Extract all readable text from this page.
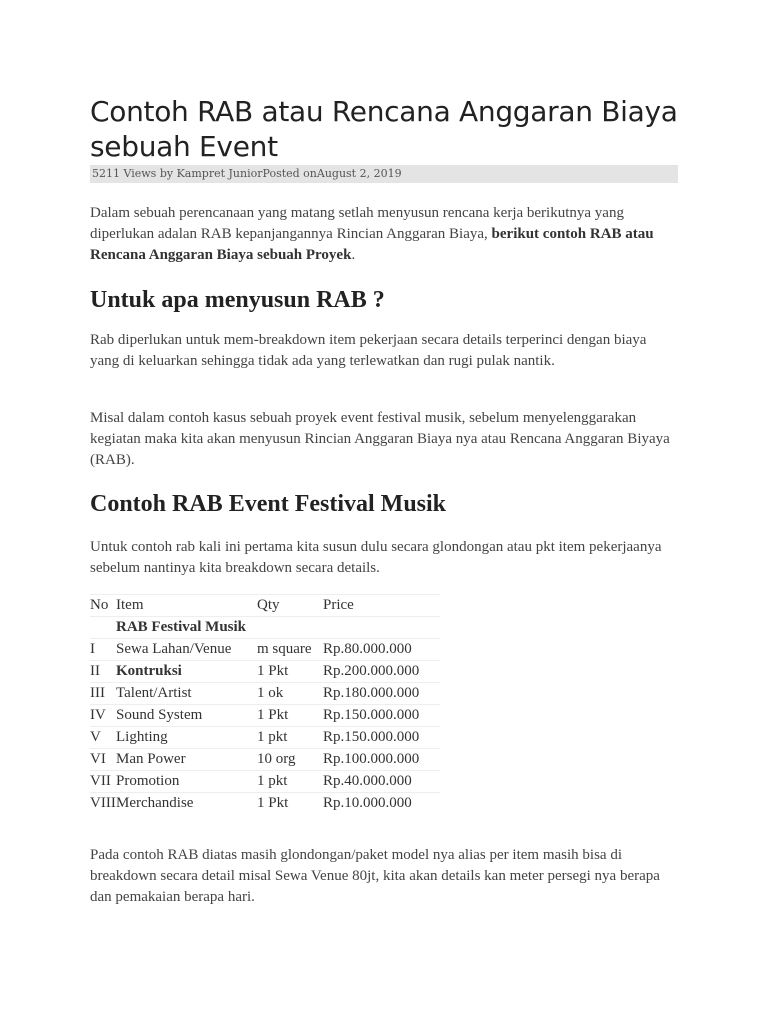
Contoh RAB atau Rencana Anggaran Biaya sebuah Event
5211 Views by Kampret JuniorPosted onAugust 2, 2019

Dalam sebuah perencanaan yang matang setlah menyusun rencana kerja berikutnya yang diperlukan adalan RAB kepanjangannya Rincian Anggaran Biaya, berikut contoh RAB atau Rencana Anggaran Biaya sebuah Proyek.

Untuk apa menyusun RAB ?

Rab diperlukan untuk mem-breakdown item pekerjaan secara details terperinci dengan biaya yang di keluarkan sehingga tidak ada yang terlewatkan dan rugi pulak nantik.

Misal dalam contoh kasus sebuah proyek event festival musik, sebelum menyelenggarakan kegiatan maka kita akan menyusun Rincian Anggaran Biaya nya atau Rencana Anggaran Biyaya (RAB).

Contoh RAB Event Festival Musik

Untuk contoh rab kali ini pertama kita susun dulu secara glondongan atau pkt item pekerjaanya sebelum nantinya kita breakdown secara details.

No	Item	Qty	Price
	RAB Festival Musik		
I	Sewa Lahan/Venue	m square	Rp.80.000.000
II	Kontruksi	1 Pkt	Rp.200.000.000
III	Talent/Artist	1 ok	Rp.180.000.000
IV	Sound System	1 Pkt	Rp.150.000.000
V	Lighting	1 pkt	Rp.150.000.000
VI	Man Power	10 org	Rp.100.000.000
VII	Promotion	1 pkt	Rp.40.000.000
VIII	Merchandise	1 Pkt	Rp.10.000.000

Pada contoh RAB diatas masih glondongan/paket model nya alias per item masih bisa di breakdown secara detail misal Sewa Venue 80jt, kita akan details kan meter persegi nya berapa dan pemakaian berapa hari.
